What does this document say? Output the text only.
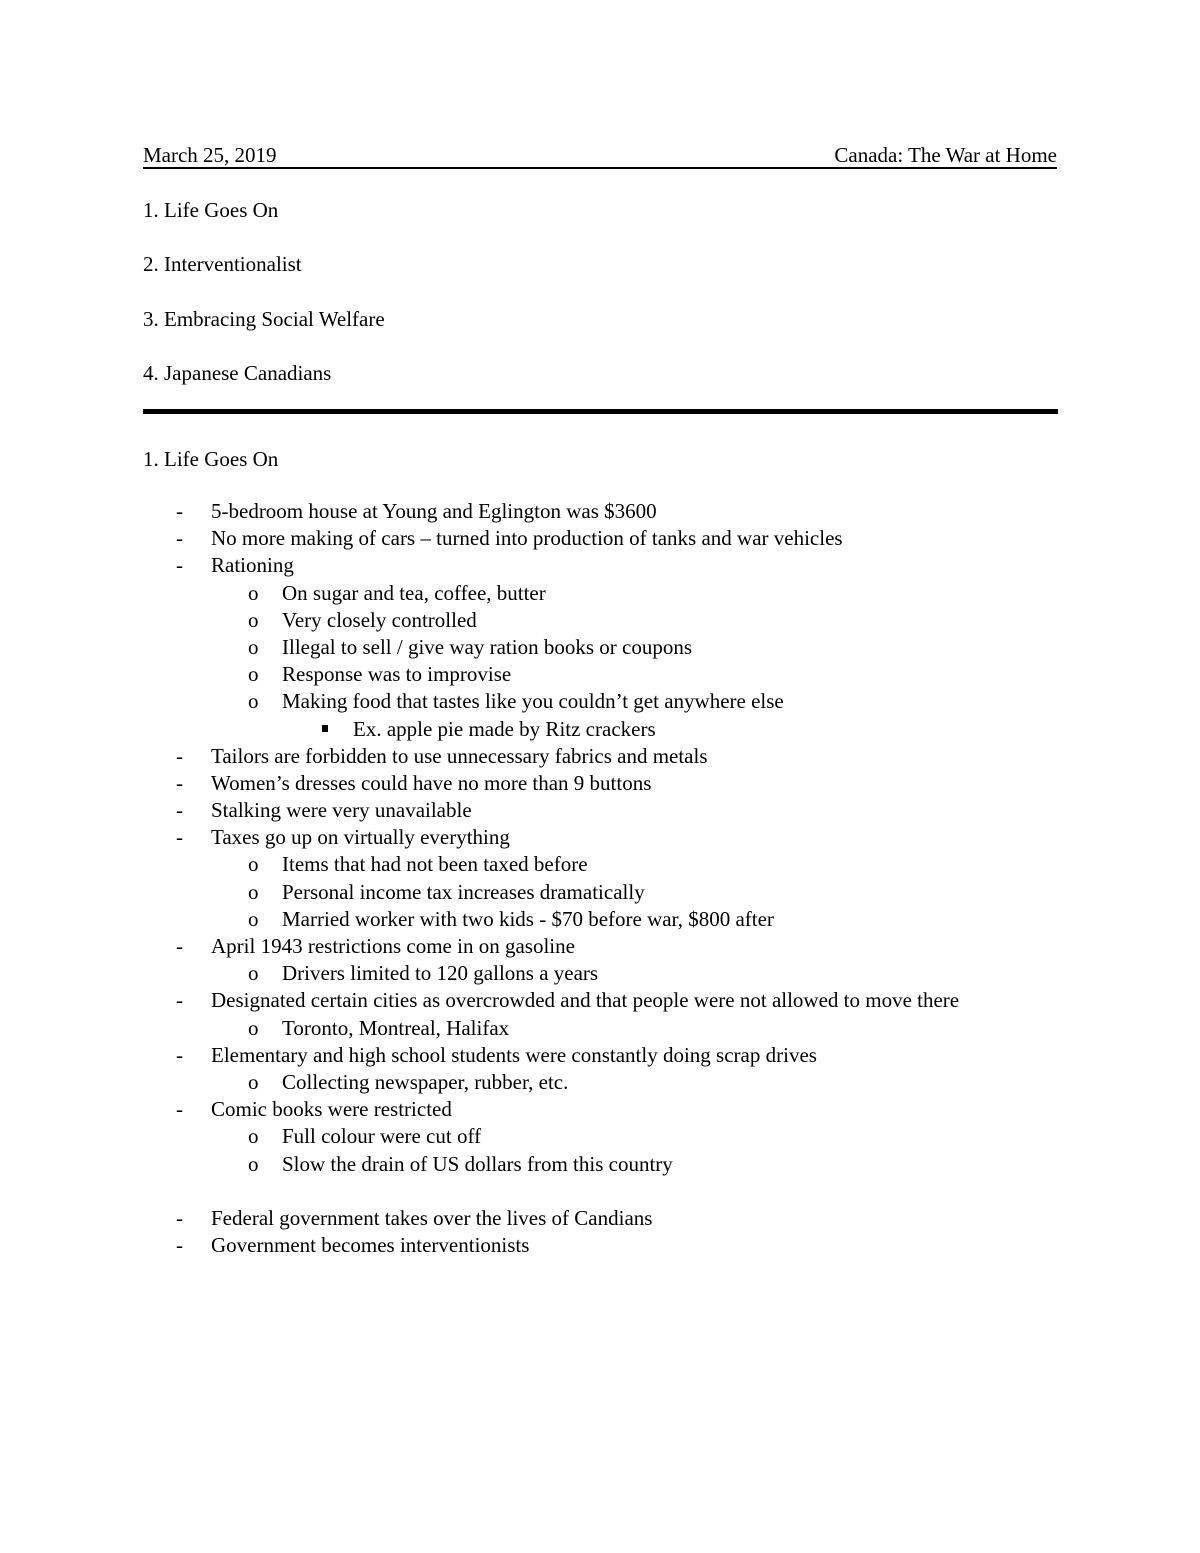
March 25, 2019	Canada: The War at Home
1. Life Goes On
2. Interventionalist
3. Embracing Social Welfare
4. Japanese Canadians
1. Life Goes On
- 5-bedroom house at Young and Eglington was $3600
- No more making of cars – turned into production of tanks and war vehicles
- Rationing
o On sugar and tea, coffee, butter
o Very closely controlled
o Illegal to sell / give way ration books or coupons
o Response was to improvise
o Making food that tastes like you couldn’t get anywhere else
Ex. apple pie made by Ritz crackers
- Tailors are forbidden to use unnecessary fabrics and metals
- Women’s dresses could have no more than 9 buttons
- Stalking were very unavailable
- Taxes go up on virtually everything
o Items that had not been taxed before
o Personal income tax increases dramatically
o Married worker with two kids - $70 before war, $800 after
- April 1943 restrictions come in on gasoline
o Drivers limited to 120 gallons a years
- Designated certain cities as overcrowded and that people were not allowed to move there
o Toronto, Montreal, Halifax
- Elementary and high school students were constantly doing scrap drives
o Collecting newspaper, rubber, etc.
- Comic books were restricted
o Full colour were cut off
o Slow the drain of US dollars from this country
- Federal government takes over the lives of Candians
- Government becomes interventionists
